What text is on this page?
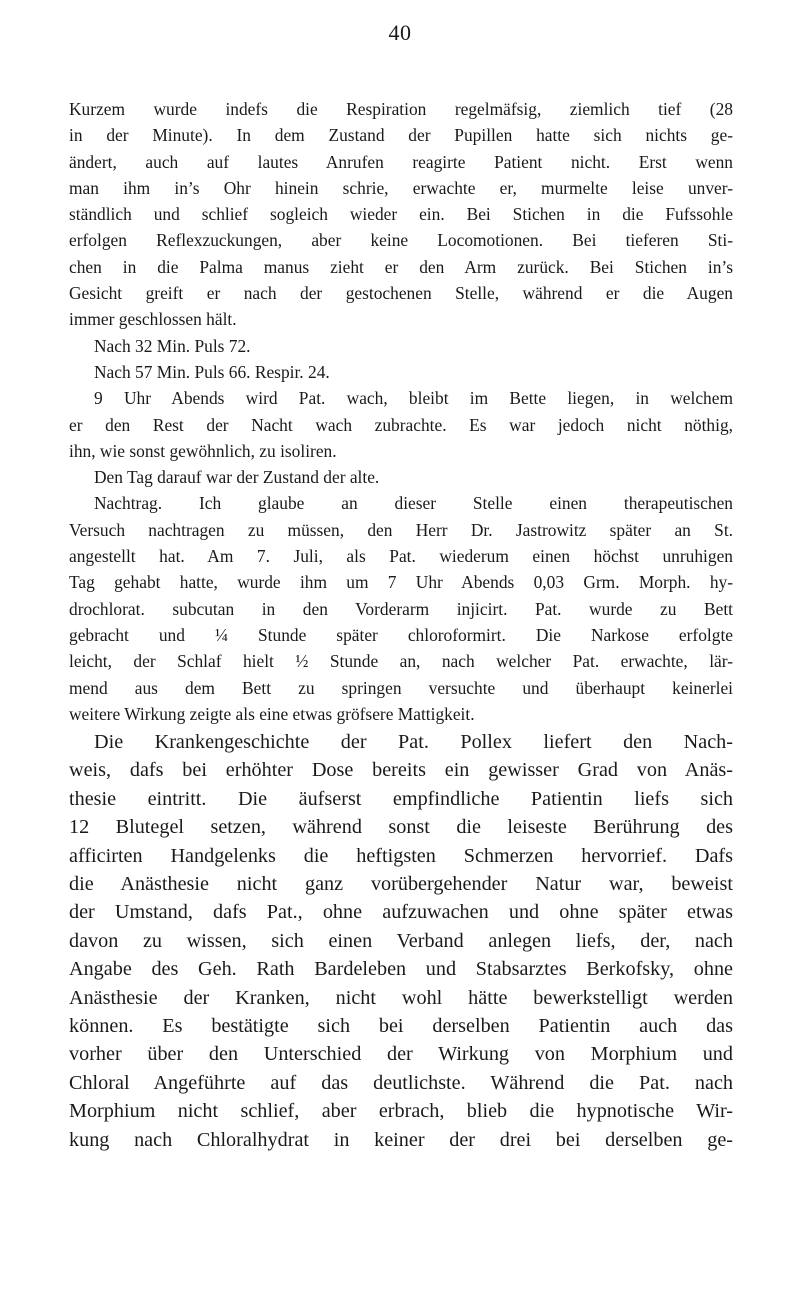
40
Kurzem wurde indefs die Respiration regelmäfsig, ziemlich tief (28
in der Minute). In dem Zustand der Pupillen hatte sich nichts ge-
ändert, auch auf lautes Anrufen reagirte Patient nicht. Erst wenn
man ihm in’s Ohr hinein schrie, erwachte er, murmelte leise unver-
ständlich und schlief sogleich wieder ein. Bei Stichen in die Fufssohle
erfolgen Reflexzuckungen, aber keine Locomotionen. Bei tieferen Sti-
chen in die Palma manus zieht er den Arm zurück. Bei Stichen in’s
Gesicht greift er nach der gestochenen Stelle, während er die Augen
immer geschlossen hält.
Nach 32 Min. Puls 72.
Nach 57 Min. Puls 66. Respir. 24.
9 Uhr Abends wird Pat. wach, bleibt im Bette liegen, in welchem
er den Rest der Nacht wach zubrachte. Es war jedoch nicht nöthig,
ihn, wie sonst gewöhnlich, zu isoliren.
Den Tag darauf war der Zustand der alte.
Nachtrag. Ich glaube an dieser Stelle einen therapeutischen
Versuch nachtragen zu müssen, den Herr Dr. Jastrowitz später an St.
angestellt hat. Am 7. Juli, als Pat. wiederum einen höchst unruhigen
Tag gehabt hatte, wurde ihm um 7 Uhr Abends 0,03 Grm. Morph. hy-
drochlorat. subcutan in den Vorderarm injicirt. Pat. wurde zu Bett
gebracht und ¼ Stunde später chloroformirt. Die Narkose erfolgte
leicht, der Schlaf hielt ½ Stunde an, nach welcher Pat. erwachte, lär-
mend aus dem Bett zu springen versuchte und überhaupt keinerlei
weitere Wirkung zeigte als eine etwas gröfsere Mattigkeit.
Die Krankengeschichte der Pat. Pollex liefert den Nach-
weis, dafs bei erhöhter Dose bereits ein gewisser Grad von Anäs-
thesie eintritt. Die äufserst empfindliche Patientin liefs sich
12 Blutegel setzen, während sonst die leiseste Berührung des
afficirten Handgelenks die heftigsten Schmerzen hervorrief. Dafs
die Anästhesie nicht ganz vorübergehender Natur war, beweist
der Umstand, dafs Pat., ohne aufzuwachen und ohne später etwas
davon zu wissen, sich einen Verband anlegen liefs, der, nach
Angabe des Geh. Rath Bardeleben und Stabsarztes Berkofsky, ohne
Anästhesie der Kranken, nicht wohl hätte bewerkstelligt werden
können. Es bestätigte sich bei derselben Patientin auch das
vorher über den Unterschied der Wirkung von Morphium und
Chloral Angeführte auf das deutlichste. Während die Pat. nach
Morphium nicht schlief, aber erbrach, blieb die hypnotische Wir-
kung nach Chloralhydrat in keiner der drei bei derselben ge-
